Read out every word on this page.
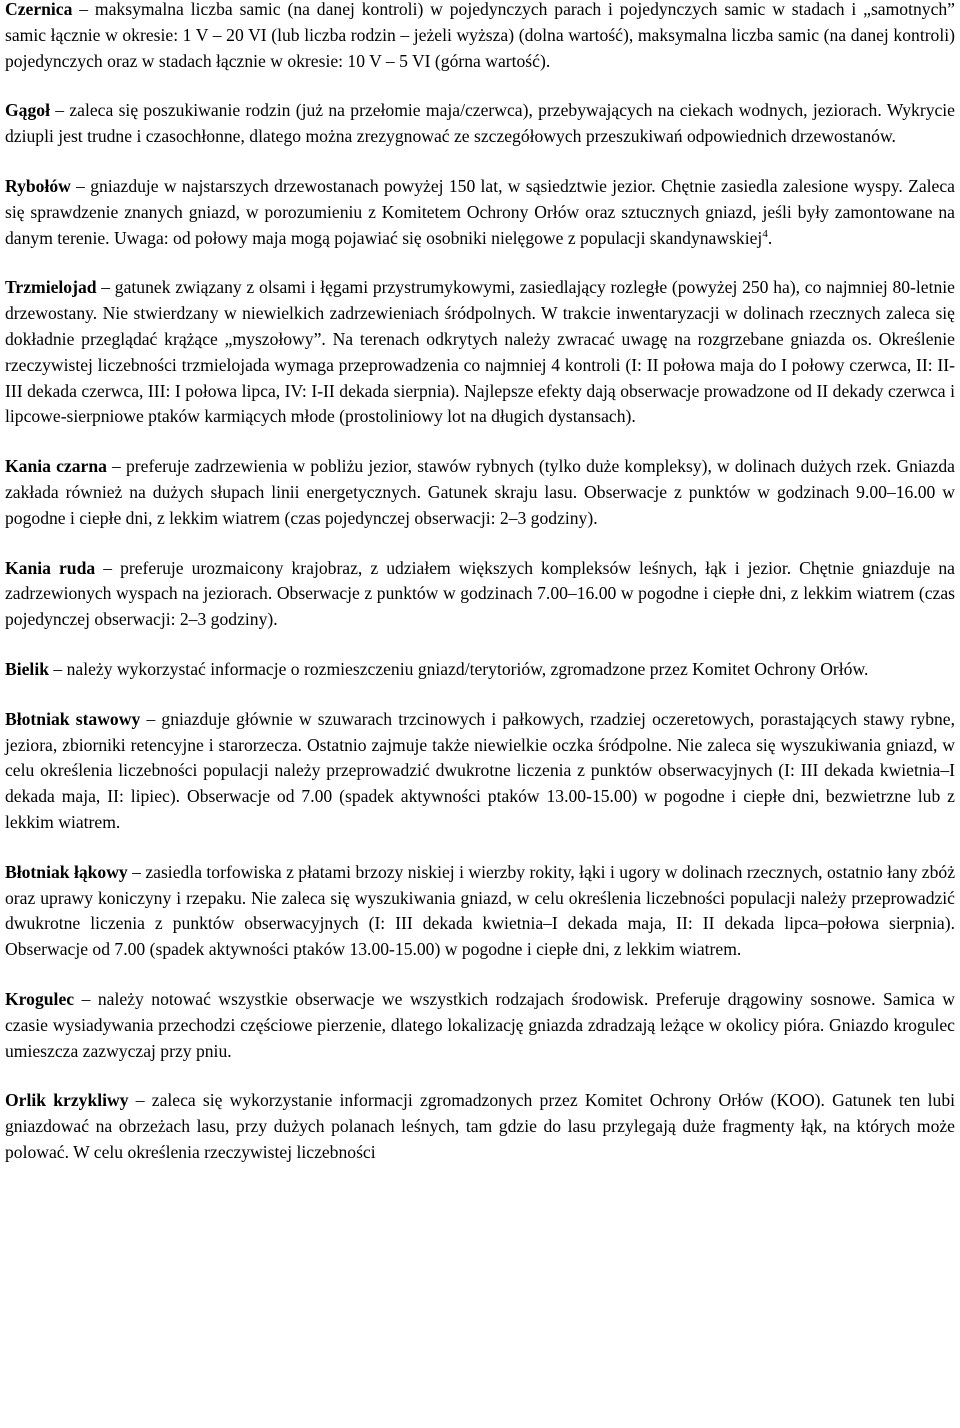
Czernica – maksymalna liczba samic (na danej kontroli) w pojedynczych parach i pojedynczych samic w stadach i „samotnych” samic łącznie w okresie: 1 V – 20 VI (lub liczba rodzin – jeżeli wyższa) (dolna wartość), maksymalna liczba samic (na danej kontroli) pojedynczych oraz w stadach łącznie w okresie: 10 V – 5 VI (górna wartość).

Gągoł – zaleca się poszukiwanie rodzin (już na przełomie maja/czerwca), przebywających na ciekach wodnych, jeziorach. Wykrycie dziupli jest trudne i czasochłonne, dlatego można zrezygnować ze szczegółowych przeszukiwań odpowiednich drzewostanów.

Rybołów – gniazduje w najstarszych drzewostanach powyżej 150 lat, w sąsiedztwie jezior. Chętnie zasiedla zalesione wyspy. Zaleca się sprawdzenie znanych gniazd, w porozumieniu z Komitetem Ochrony Orłów oraz sztucznych gniazd, jeśli były zamontowane na danym terenie. Uwaga: od połowy maja mogą pojawiać się osobniki nielęgowe z populacji skandynawskiej$^4$.

Trzmielojad – gatunek związany z olsami i łęgami przystrumykowymi, zasiedlający rozległe (powyżej 250 ha), co najmniej 80-letnie drzewostany. Nie stwierdzany w niewielkich zadrzewieniach śródpolnych. W trakcie inwentaryzacji w dolinach rzecznych zaleca się dokładnie przeglądać krążące „myszołowy”. Na terenach odkrytych należy zwracać uwagę na rozgrzebane gniazda os. Określenie rzeczywistej liczebności trzmielojada wymaga przeprowadzenia co najmniej 4 kontroli (I: II połowa maja do I połowy czerwca, II: II-III dekada czerwca, III: I połowa lipca, IV: I-II dekada sierpnia). Najlepsze efekty dają obserwacje prowadzone od II dekady czerwca i lipcowe-sierpniowe ptaków karmiących młode (prostoliniowy lot na długich dystansach).

Kania czarna – preferuje zadrzewienia w pobliżu jezior, stawów rybnych (tylko duże kompleksy), w dolinach dużych rzek. Gniazda zakłada również na dużych słupach linii energetycznych. Gatunek skraju lasu. Obserwacje z punktów w godzinach 9.00–16.00 w pogodne i ciepłe dni, z lekkim wiatrem (czas pojedynczej obserwacji: 2–3 godziny).

Kania ruda – preferuje urozmaicony krajobraz, z udziałem większych kompleksów leśnych, łąk i jezior. Chętnie gniazduje na zadrzewionych wyspach na jeziorach. Obserwacje z punktów w godzinach 7.00–16.00 w pogodne i ciepłe dni, z lekkim wiatrem (czas pojedynczej obserwacji: 2–3 godziny).

Bielik – należy wykorzystać informacje o rozmieszczeniu gniazd/terytoriów, zgromadzone przez Komitet Ochrony Orłów.

Błotniak stawowy – gniazduje głównie w szuwarach trzcinowych i pałkowych, rzadziej oczeretowych, porastających stawy rybne, jeziora, zbiorniki retencyjne i starorzecza. Ostatnio zajmuje także niewielkie oczka śródpolne. Nie zaleca się wyszukiwania gniazd, w celu określenia liczebności populacji należy przeprowadzić dwukrotne liczenia z punktów obserwacyjnych (I: III dekada kwietnia–I dekada maja, II: lipiec). Obserwacje od 7.00 (spadek aktywności ptaków 13.00-15.00) w pogodne i ciepłe dni, bezwietrzne lub z lekkim wiatrem.

Błotniak łąkowy – zasiedla torfowiska z płatami brzozy niskiej i wierzby rokity, łąki i ugory w dolinach rzecznych, ostatnio łany zbóż oraz uprawy koniczyny i rzepaku. Nie zaleca się wyszukiwania gniazd, w celu określenia liczebności populacji należy przeprowadzić dwukrotne liczenia z punktów obserwacyjnych (I: III dekada kwietnia–I dekada maja, II: II dekada lipca–połowa sierpnia). Obserwacje od 7.00 (spadek aktywności ptaków 13.00-15.00) w pogodne i ciepłe dni, z lekkim wiatrem.

Krogulec – należy notować wszystkie obserwacje we wszystkich rodzajach środowisk. Preferuje drągowiny sosnowe. Samica w czasie wysiadywania przechodzi częściowe pierzenie, dlatego lokalizację gniazda zdradzają leżące w okolicy pióra. Gniazdo krogulec umieszcza zazwyczaj przy pniu.

Orlik krzykliwy – zaleca się wykorzystanie informacji zgromadzonych przez Komitet Ochrony Orłów (KOO). Gatunek ten lubi gniazdować na obrzeżach lasu, przy dużych polanach leśnych, tam gdzie do lasu przylegają duże fragmenty łąk, na których może polować. W celu określenia rzeczywistej liczebności
